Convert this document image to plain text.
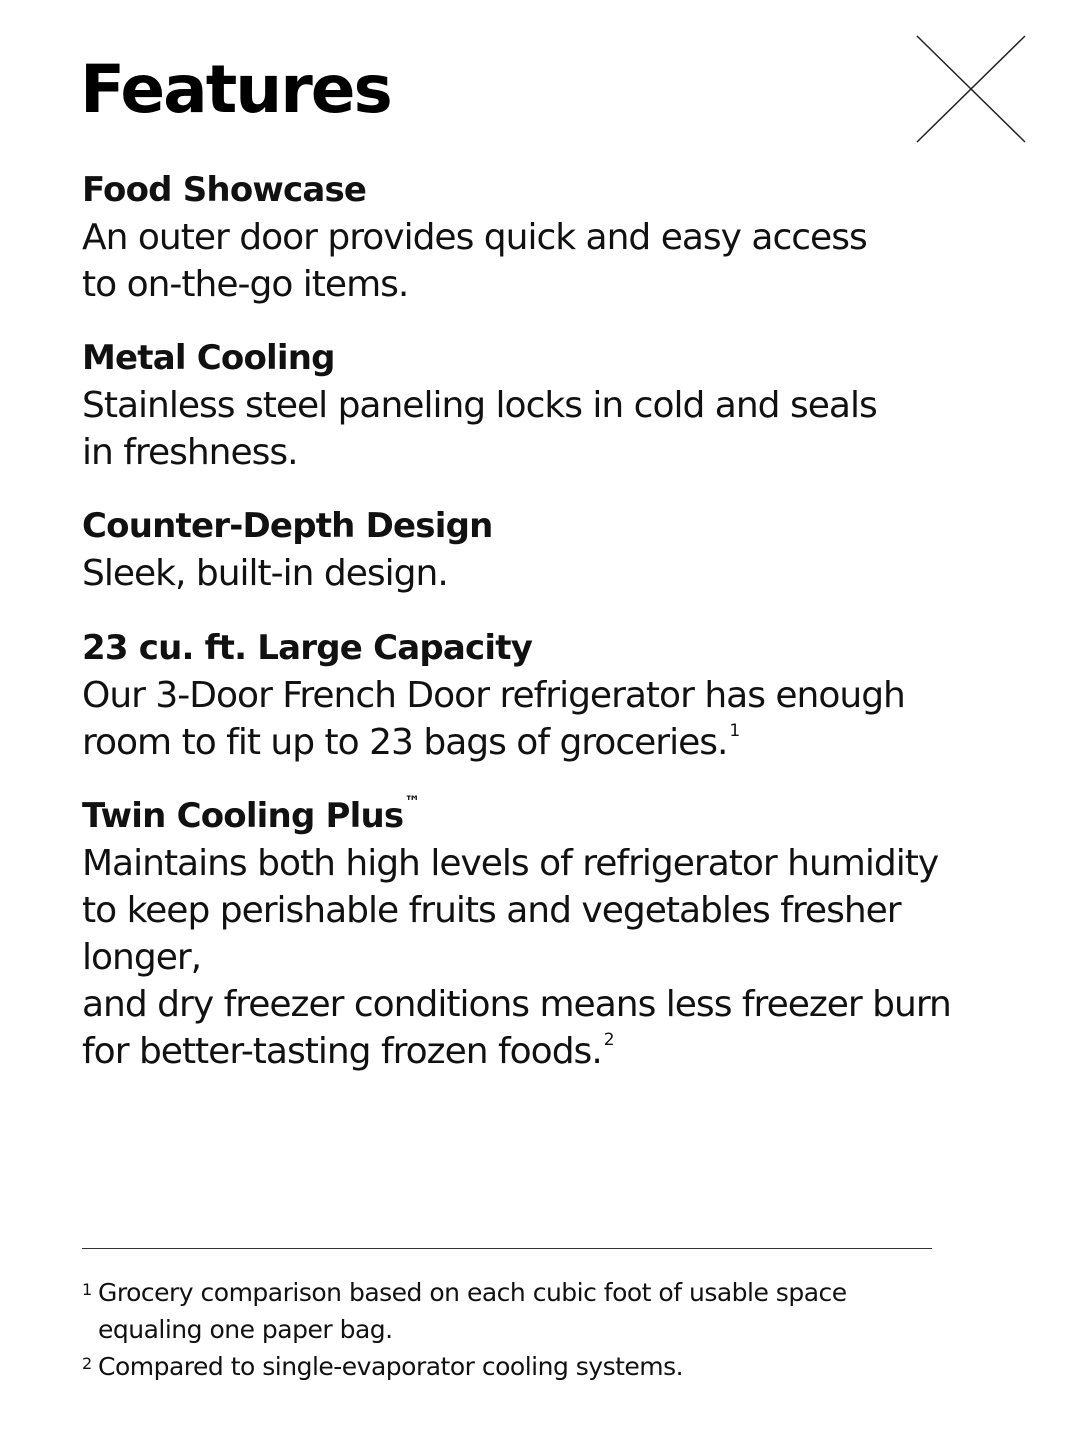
Features
Food Showcase
An outer door provides quick and easy access
to on-the-go items.
Metal Cooling
Stainless steel paneling locks in cold and seals
in freshness.
Counter-Depth Design
Sleek, built-in design.
23 cu. ft. Large Capacity
Our 3-Door French Door refrigerator has enough
room to fit up to 23 bags of groceries. $^1$
Twin Cooling Plus™
Maintains both high levels of refrigerator humidity
to keep perishable fruits and vegetables fresher longer,
and dry freezer conditions means less freezer burn
for better-tasting frozen foods. $^2$
1 Grocery comparison based on each cubic foot of usable space
equaling one paper bag.
2 Compared to single-evaporator cooling systems.
